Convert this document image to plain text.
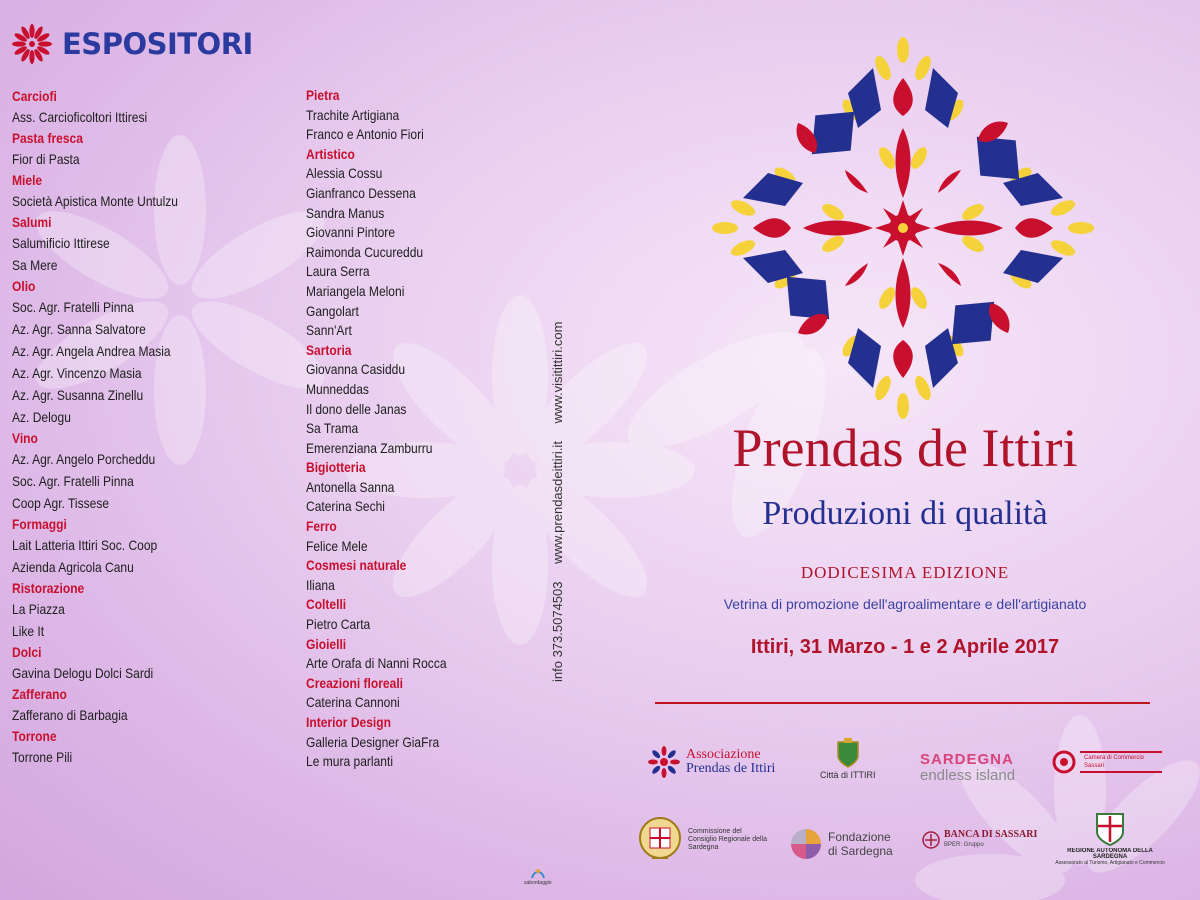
ESPOSITORI
Carciofi
Ass. Carcioficoltori Ittiresi
Pasta fresca
Fior di Pasta
Miele
Società Apistica Monte Untulzu
Salumi
Salumificio Ittirese
Sa Mere
Olio
Soc. Agr. Fratelli Pinna
Az. Agr. Sanna Salvatore
Az. Agr. Angela Andrea Masia
Az. Agr. Vincenzo Masia
Az. Agr. Susanna Zinellu
Az. Delogu
Vino
Az. Agr. Angelo Porcheddu
Soc. Agr. Fratelli Pinna
Coop Agr. Tissese
Formaggi
Lait Latteria Ittiri Soc. Coop
Azienda Agricola Canu
Ristorazione
La Piazza
Like It
Dolci
Gavina Delogu Dolci Sardi
Zafferano
Zafferano di Barbagia
Torrone
Torrone Pili
Pietra
Trachite Artigiana
Franco e Antonio Fiori
Artistico
Alessia Cossu
Gianfranco Dessena
Sandra Manus
Giovanni Pintore
Raimonda Cucureddu
Laura Serra
Mariangela Meloni
Gangolart
Sann'Art
Sartoria
Giovanna Casiddu
Munneddas
Il dono delle Janas
Sa Trama
Emerenziana Zamburru
Bigiotteria
Antonella Sanna
Caterina Sechi
Ferro
Felice Mele
Cosmesi naturale
Iliana
Coltelli
Pietro Carta
Gioielli
Arte Orafa di Nanni Rocca
Creazioni floreali
Caterina Cannoni
Interior Design
Galleria Designer GiaFra
Le mura parlanti
info 373.5074503 www.prendasdeittiri.it www.visitittiri.com
Prendas de Ittiri
Produzioni di qualità
DODICESIMA EDIZIONE
Vetrina di promozione dell'agroalimentare e dell'artigianato
Ittiri, 31 Marzo - 1 e 2 Aprile 2017
Associazione
Prendas de Ittiri	Città di ITTIRI
SARDEGNA
endless island
Camera di Commercio Sassari
Commissione del Consiglio Regionale della Sardegna
Fondazione
di Sardegna
BANCA DI SASSARI
BPER: Gruppo
REGIONE AUTONOMA DELLA SARDEGNA
Assessorato al Turismo, Artigianato e Commercio
sabordaggio
